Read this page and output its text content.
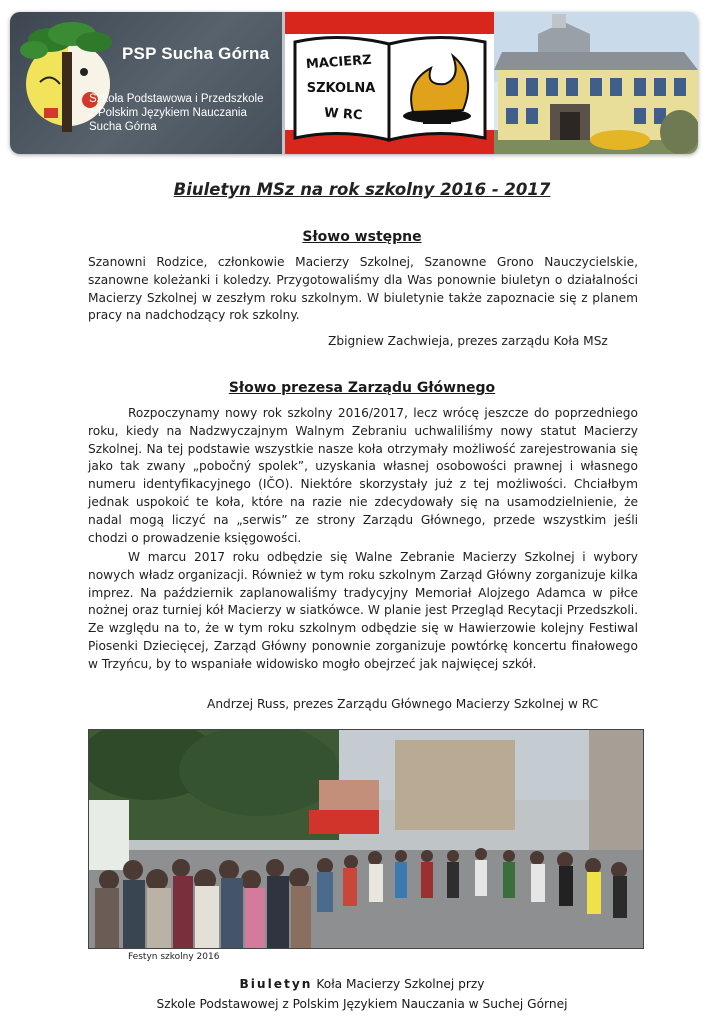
PSP Sucha Górna
Szkoła Podstawowa i Przedszkole
z Polskim Językiem Nauczania
Sucha Górna
MACIERZ
SZKOLNA
W RC
Biuletyn MSz na rok szkolny 2016 - 2017
Słowo wstępne
Szanowni Rodzice, członkowie Macierzy Szkolnej, Szanowne Grono Nauczycielskie, szanowne koleżanki i koledzy. Przygotowaliśmy dla Was ponownie biuletyn o działalności Macierzy Szkolnej w zeszłym roku szkolnym. W biuletynie także zapoznacie się z planem pracy na nadchodzący rok szkolny.
Zbigniew Zachwieja, prezes zarządu Koła MSz
Słowo prezesa Zarządu Głównego
Rozpoczynamy nowy rok szkolny 2016/2017, lecz wrócę jeszcze do poprzedniego roku, kiedy na Nadzwyczajnym Walnym Zebraniu uchwaliliśmy nowy statut Macierzy Szkolnej. Na tej podstawie wszystkie nasze koła otrzymały możliwość zarejestrowania się jako tak zwany „pobočný spolek”, uzyskania własnej osobowości prawnej i własnego numeru identyfikacyjnego (IČO). Niektóre skorzystały już z tej możliwości. Chciałbym jednak uspokoić te koła, które na razie nie zdecydowały się na usamodzielnienie, że nadal mogą liczyć na „serwis” ze strony Zarządu Głównego, przede wszystkim jeśli chodzi o prowadzenie księgowości.
W marcu 2017 roku odbędzie się Walne Zebranie Macierzy Szkolnej i wybory nowych władz organizacji. Również w tym roku szkolnym Zarząd Główny zorganizuje kilka imprez. Na październik zaplanowaliśmy tradycyjny Memoriał Alojzego Adamca w piłce nożnej oraz turniej kół Macierzy w siatkówce. W planie jest Przegląd Recytacji Przedszkoli. Ze względu na to, że w tym roku szkolnym odbędzie się w Hawierzowie kolejny Festiwal Piosenki Dziecięcej, Zarząd Główny ponownie zorganizuje powtórkę koncertu finałowego w Trzyńcu, by to wspaniałe widowisko mogło obejrzeć jak najwięcej szkół.
Andrzej Russ, prezes Zarządu Głównego Macierzy Szkolnej w RC
Festyn szkolny 2016
Biuletyn Koła Macierzy Szkolnej przy
Szkole Podstawowej z Polskim Językiem Nauczania w Suchej Górnej
